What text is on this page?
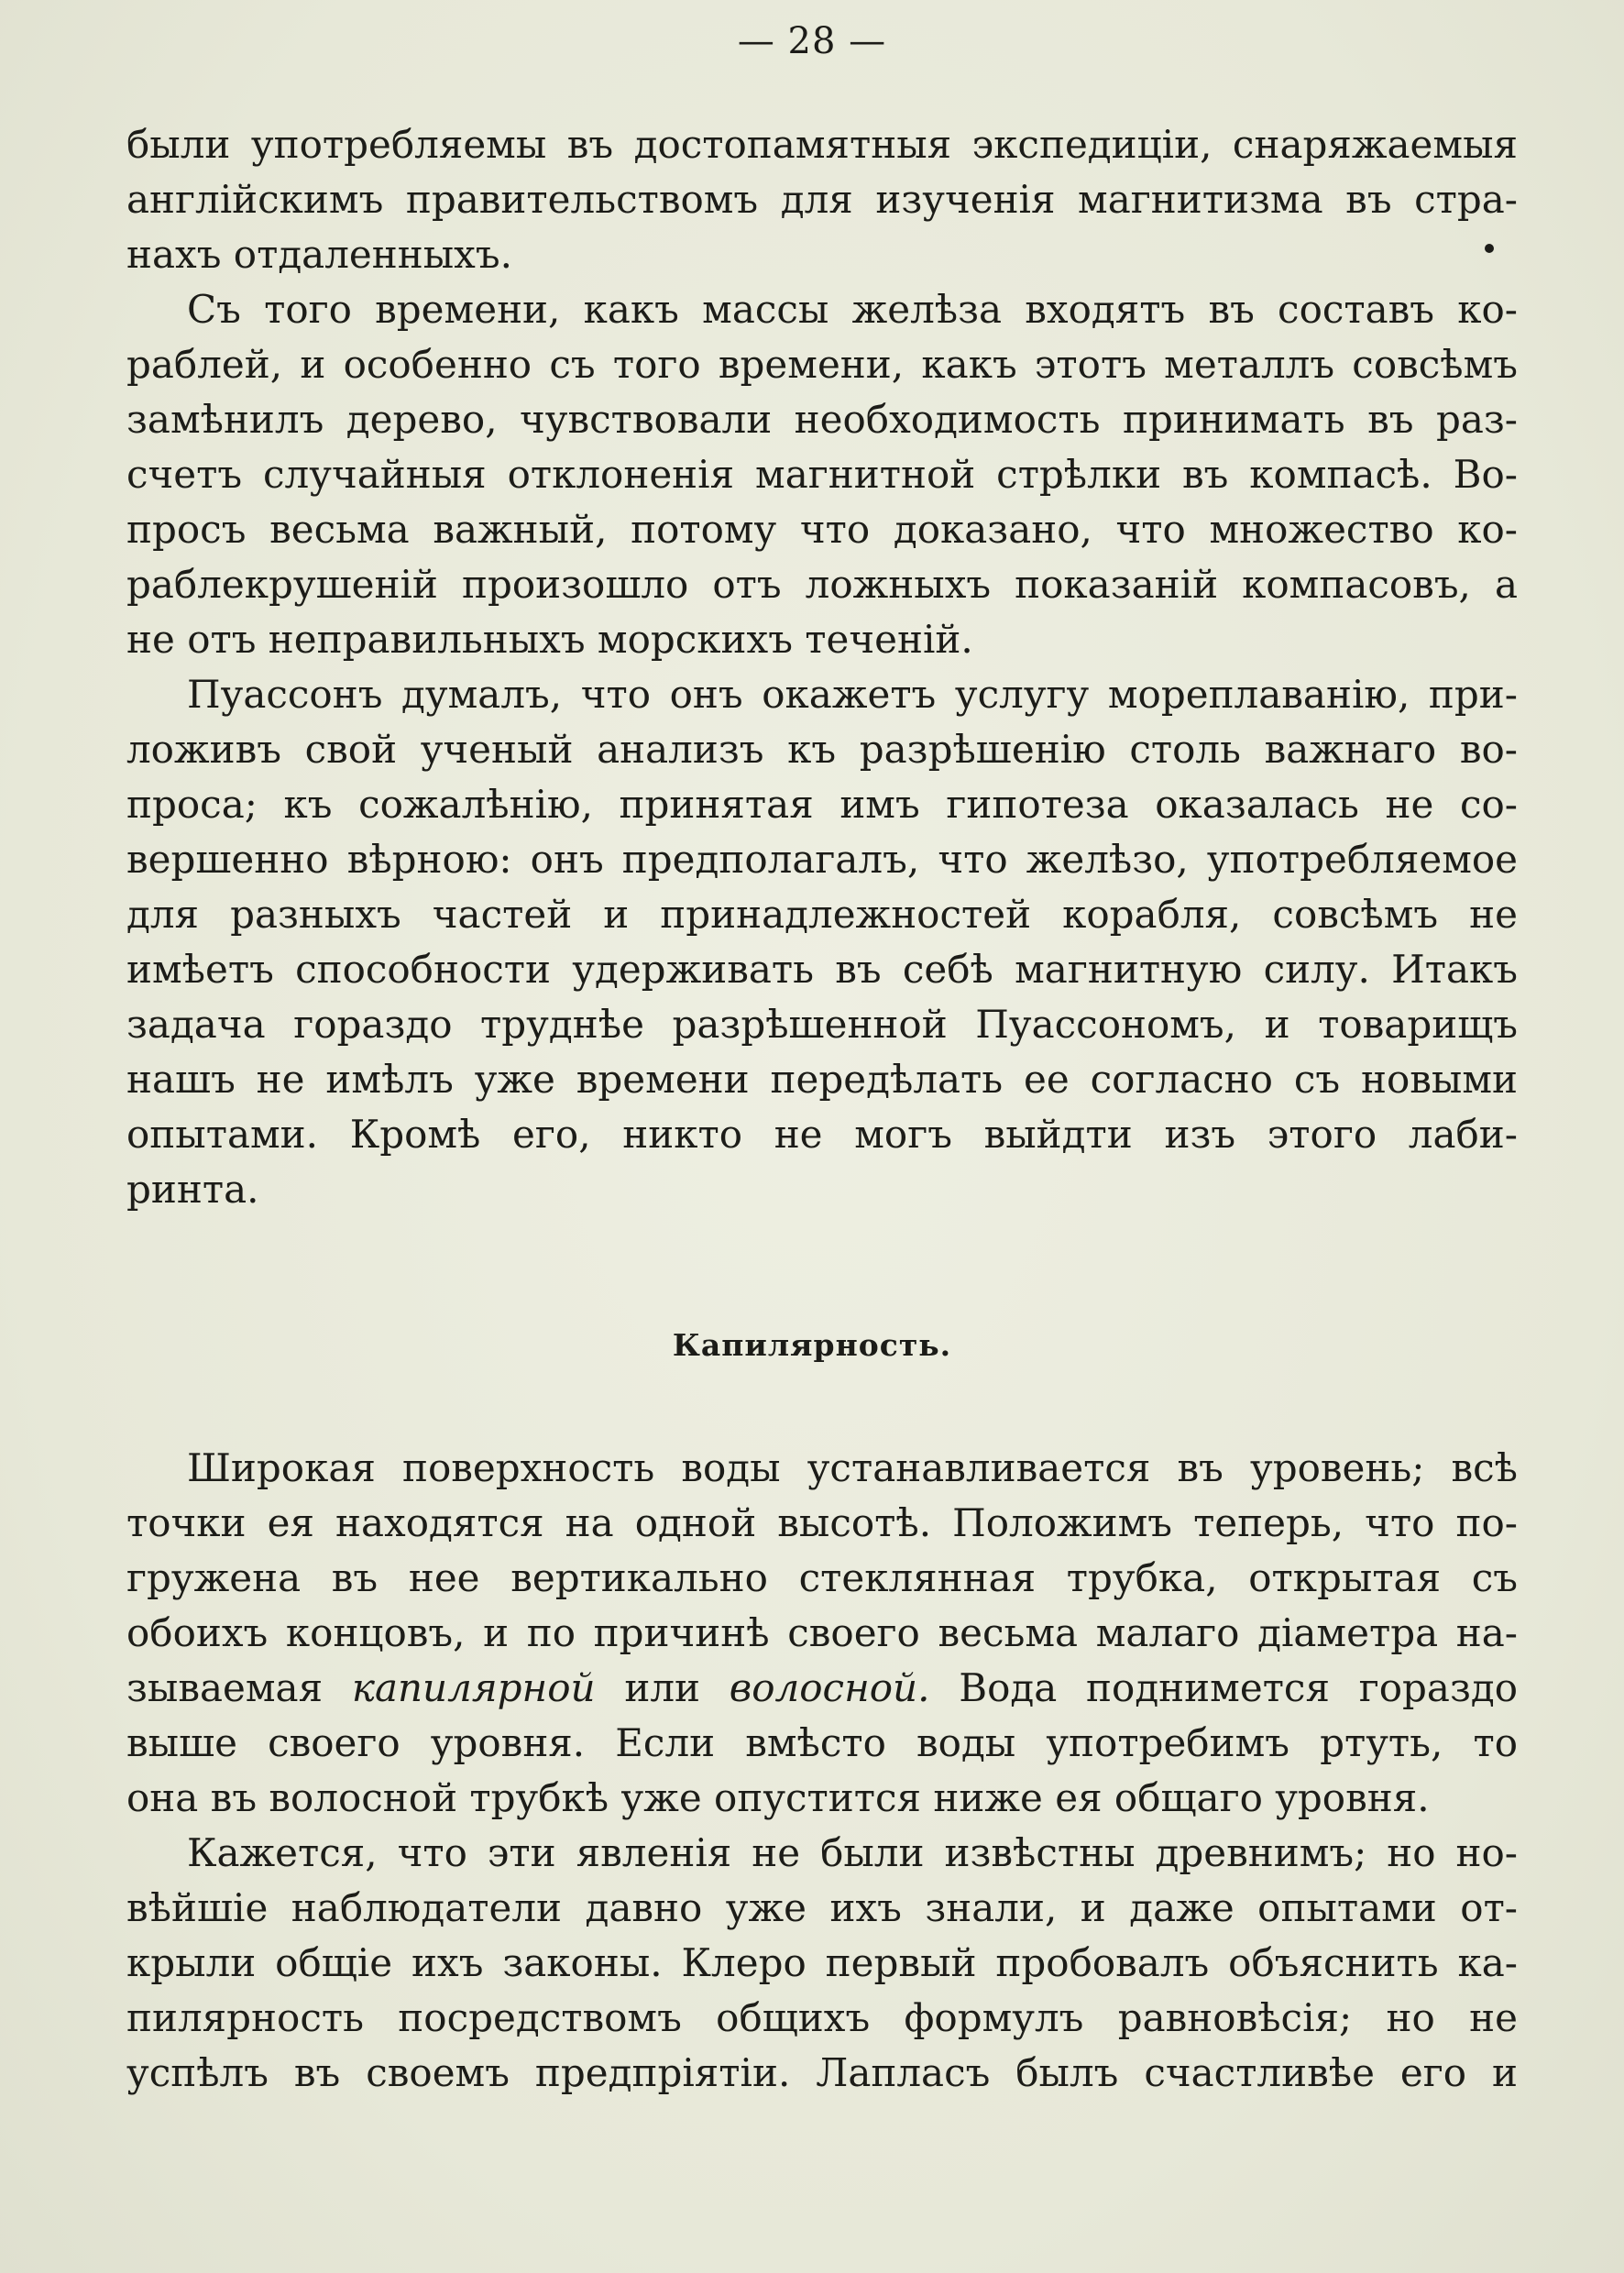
— 28 —
были употребляемы въ достопамятныя экспедиціи, снаряжаемыя
англійскимъ правительствомъ для изученія магнитизма въ стра-
нахъ отдаленныхъ.
Съ того времени, какъ массы желѣза входятъ въ составъ ко-
раблей, и особенно съ того времени, какъ этотъ металлъ совсѣмъ
замѣнилъ дерево, чувствовали необходимость принимать въ раз-
счетъ случайныя отклоненія магнитной стрѣлки въ компасѣ. Во-
просъ весьма важный, потому что доказано, что множество ко-
раблекрушеній произошло отъ ложныхъ показаній компасовъ, а
не отъ неправильныхъ морскихъ теченій.
Пуассонъ думалъ, что онъ окажетъ услугу мореплаванію, при-
ложивъ свой ученый анализъ къ разрѣшенію столь важнаго во-
проса; къ сожалѣнію, принятая имъ гипотеза оказалась не со-
вершенно вѣрною: онъ предполагалъ, что желѣзо, употребляемое
для разныхъ частей и принадлежностей корабля, совсѣмъ не
имѣетъ способности удерживать въ себѣ магнитную силу. Итакъ
задача гораздо труднѣе разрѣшенной Пуассономъ, и товарищъ
нашъ не имѣлъ уже времени передѣлать ее согласно съ новыми
опытами. Кромѣ его, никто не могъ выйдти изъ этого лаби-
ринта.
Капилярность.
Широкая поверхность воды устанавливается въ уровень; всѣ
точки ея находятся на одной высотѣ. Положимъ теперь, что по-
гружена въ нее вертикально стеклянная трубка, открытая съ
обоихъ концовъ, и по причинѣ своего весьма малаго діаметра на-
зываемая капилярной или волосной. Вода поднимется гораздо
выше своего уровня. Если вмѣсто воды употребимъ ртуть, то
она въ волосной трубкѣ уже опустится ниже ея общаго уровня.
Кажется, что эти явленія не были извѣстны древнимъ; но но-
вѣйшіе наблюдатели давно уже ихъ знали, и даже опытами от-
крыли общіе ихъ законы. Клеро первый пробовалъ объяснить ка-
пилярность посредствомъ общихъ формулъ равновѣсія; но не
успѣлъ въ своемъ предпріятіи. Лапласъ былъ счастливѣе его и
